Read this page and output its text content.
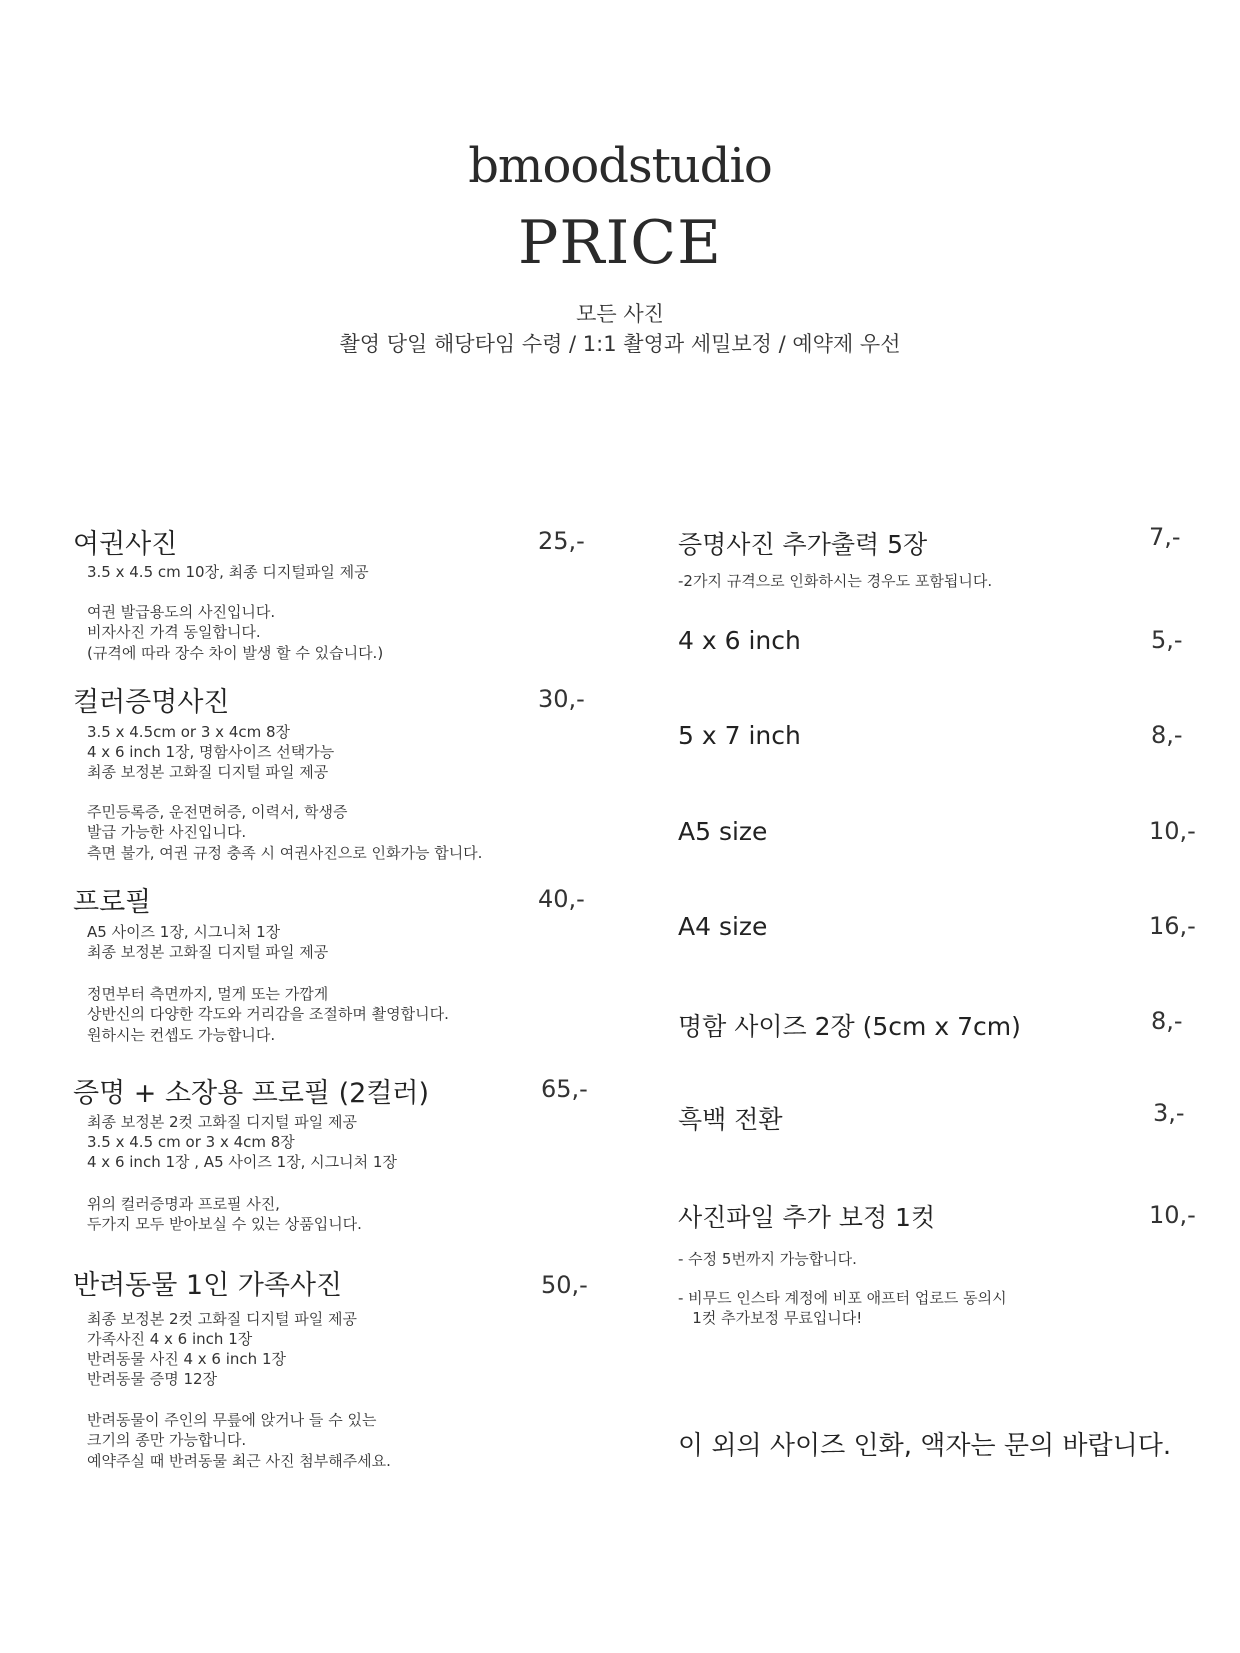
bmoodstudio
PRICE
모든 사진
촬영 당일 해당타임 수령 / 1:1 촬영과 세밀보정 / 예약제 우선
여권사진	25,-
3.5 x 4.5 cm 10장, 최종 디지털파일 제공
여권 발급용도의 사진입니다.
비자사진 가격 동일합니다.
(규격에 따라 장수 차이 발생 할 수 있습니다.)
컬러증명사진	30,-
3.5 x 4.5cm or 3 x 4cm 8장
4 x 6 inch 1장, 명함사이즈 선택가능
최종 보정본 고화질 디지털 파일 제공
주민등록증, 운전면허증, 이력서, 학생증
발급 가능한 사진입니다.
측면 불가, 여권 규정 충족 시 여권사진으로 인화가능 합니다.
프로필	40,-
A5 사이즈 1장, 시그니처 1장
최종 보정본 고화질 디지털 파일 제공
정면부터 측면까지, 멀게 또는 가깝게
상반신의 다양한 각도와 거리감을 조절하며 촬영합니다.
원하시는 컨셉도 가능합니다.
증명 + 소장용 프로필 (2컬러)	65,-
최종 보정본 2컷 고화질 디지털 파일 제공
3.5 x 4.5 cm or 3 x 4cm 8장
4 x 6 inch 1장 , A5 사이즈 1장, 시그니처 1장
위의 컬러증명과 프로필 사진,
두가지 모두 받아보실 수 있는 상품입니다.
반려동물 1인 가족사진	50,-
최종 보정본 2컷 고화질 디지털 파일 제공
가족사진 4 x 6 inch 1장
반려동물 사진 4 x 6 inch 1장
반려동물 증명 12장
반려동물이 주인의 무릎에 앉거나 들 수 있는
크기의 종만 가능합니다.
예약주실 때 반려동물 최근 사진 첨부해주세요.
증명사진 추가출력 5장	7,-
-2가지 규격으로 인화하시는 경우도 포함됩니다.
4 x 6 inch	5,-
5 x 7 inch	8,-
A5 size	10,-
A4 size	16,-
명함 사이즈 2장 (5cm x 7cm)	8,-
흑백 전환	3,-
사진파일 추가 보정 1컷	10,-
- 수정 5번까지 가능합니다.
- 비무드 인스타 계정에 비포 애프터 업로드 동의시
1컷 추가보정 무료입니다!
이 외의 사이즈 인화, 액자는 문의 바랍니다.
